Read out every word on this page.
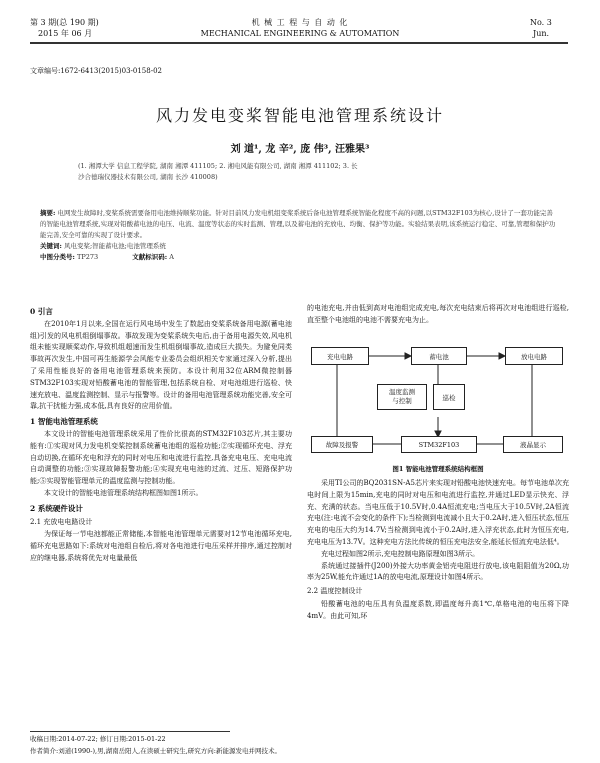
第 3 期(总 190 期)
2015 年 06 月
机 械 工 程 与 自 动 化
MECHANICAL ENGINEERING & AUTOMATION
No. 3
Jun.
文章编号:1672-6413(2015)03-0158-02
风力发电变桨智能电池管理系统设计
刘 道¹, 龙 辛², 庞 伟³, 汪雅果³
(1. 湘潭大学 信息工程学院, 湖南 湘潭 411105; 2. 湘电风能有限公司, 湖南 湘潭 411102; 3. 长
沙合德瑞仪器技术有限公司, 湖南 长沙 410008)
摘要: 电网发生故障时,变桨系统需要备用电池维持顺桨功能。针对目前风力发电机组变桨系统后备电池管理系统智能化程度不高的问题,以STM32F103为核心,设计了一套功能完善的智能电池管理系统,实现对铅酸蓄电池的电压、电流、温度等状态的实时监测、管理,以及蓄电池的充放电、均衡、保护等功能。实验结果表明,该系统运行稳定、可靠,管理和保护功能完善,安全可靠的实现了设计要求。
关键词: 风电变桨;智能蓄电池;电池管理系统
中图分类号: TP273	文献标识码: A
0 引言

在2010年1月以来,全国在运行风电场中发生了数起由变桨系统备用电源(蓄电池组)引发的风电机组倒塌事故。事故发现为变桨系统失电后,由于备用电源失效,风电机组未能实现顺桨动作,导致机组超速而发生机组倒塌事故,造成巨大损失。为避免同类事故再次发生,中国可再生能源学会风能专业委员会组织相关专家通过深入分析,提出了采用性能良好的备用电池管理系统来预防。本设计利用32位ARM微控制器STM32F103实现对铅酸蓄电池的智能管理,包括系统自检、对电池组进行巡检、快速充放电、温度监测控制、显示与报警等。设计的备用电池管理系统功能完善,安全可靠,抗干扰能力强,成本低,具有良好的应用价值。

1 智能电池管理系统

本文设计的智能电池管理系统采用了性价比很高的STM32F103芯片,其主要功能有:①实现对风力发电机变桨控制系统蓄电池组的巡检功能;②实现循环充电、浮充自动切换,在循环充电和浮充的同时对电压和电流进行监控,具备充电电压、充电电流自动调整的功能;③实现故障报警功能;④实现充电电池的过流、过压、短路保护功能;⑤实现智能管理单元的温度监测与控制功能。

本文设计的智能电池管理系统结构框图如图1所示。

2 系统硬件设计
2.1 充放电电路设计

为保证每一节电池都能正常储能,本智能电池管理单元需要对12节电池循环充电,循环充电思路如下:系统对电池组自检后,将对各电池进行电压采样并排序,通过控制对应的继电器,系统将优先对电量最低

的电池充电,并由低到高对电池组完成充电,每次充电结束后将再次对电池组进行巡检,直至整个电池组的电池不需要充电为止。

充电电路	蓄电池	放电电路
温度监测
与控制	巡检
STM32F103
故障及报警	液晶显示
图1 智能电池管理系统结构框图

采用TI公司的BQ2031SN-A5芯片来实现对铅酸电池快速充电。每节电池单次充电时间上限为15min,充电的同时对电压和电流进行监控,并通过LED显示快充、浮充、充满的状态。当电压低于10.5V时,0.4A恒流充电;当电压大于10.5V时,2A恒流充电(注:电流不会变化的条件下);当检测到电流减小且大于0.2A时,进入恒压状态,恒压充电的电压大约为14.7V;当检测到电流小于0.2A时,进入浮充状态,此时为恒压充电,充电电压为13.7V。这种充电方法比传统的恒压充电法安全,能延长恒流充电法低⁴。

充电过程如图2所示,充电控制电路原理如图3所示。

系统通过接插件(J200)外接大功率黄金铝壳电阻进行放电,该电阻阻值为20Ω,功率为25W,能允许通过1A的放电电流,原理设计如图4所示。

2.2 温度控制设计

铅酸蓄电池的电压具有负温度系数,即温度每升高1℃,单格电池的电压将下降4mV。由此可知,环

收稿日期:2014-07-22; 修订日期:2015-01-22
作者简介:刘道(1990-),男,湖南岳阳人,在读硕士研究生,研究方向:新能源发电并网技术。
